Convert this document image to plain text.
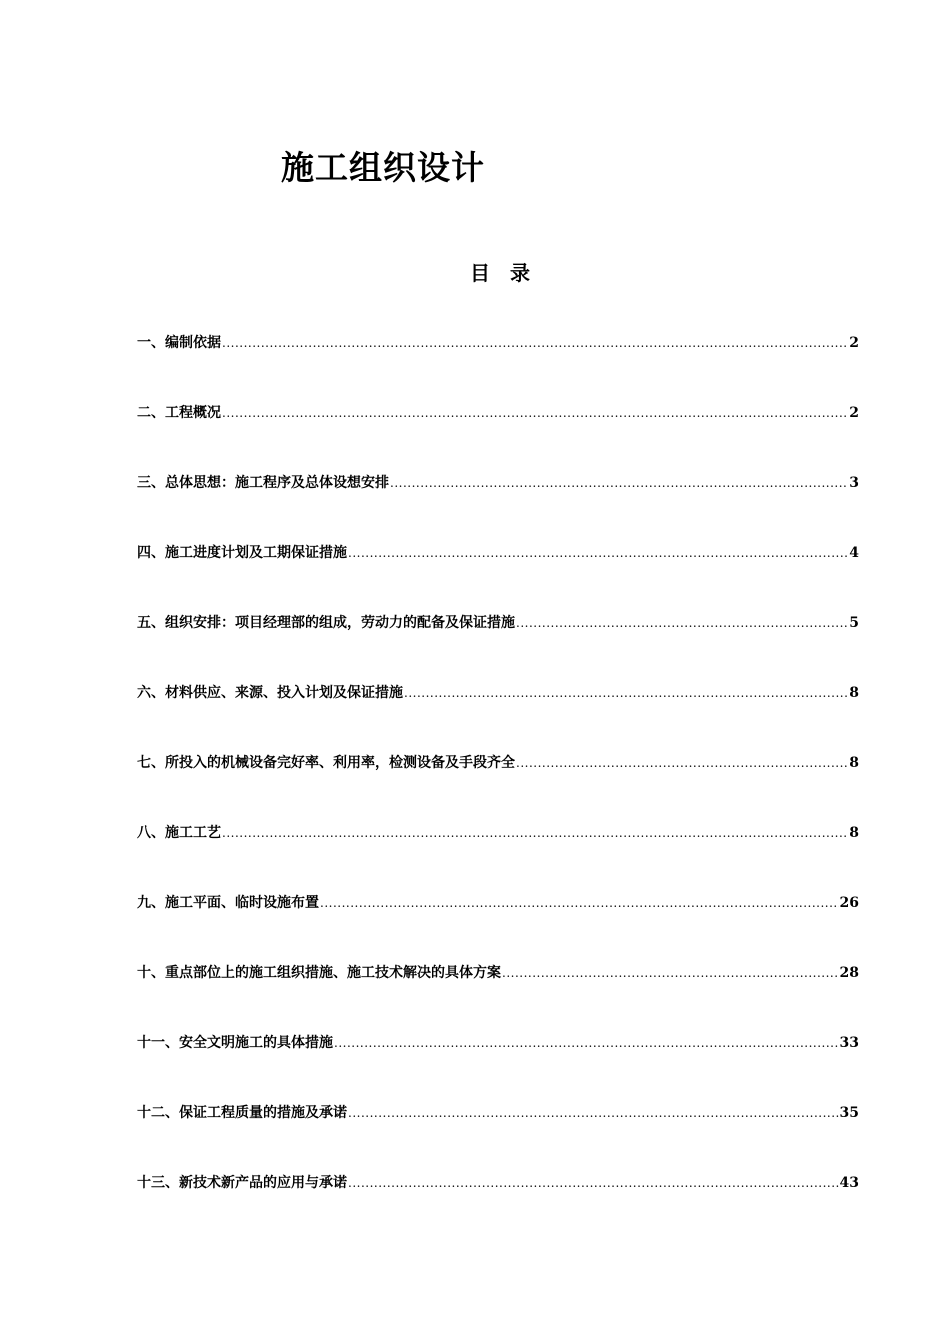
施工组织设计
目 录
一、编制依据 .....	2
二、工程概况 .....	2
三、总体思想：施工程序及总体设想安排 .....	3
四、施工进度计划及工期保证措施 .....	4
五、组织安排：项目经理部的组成，劳动力的配备及保证措施 .....	5
六、材料供应、来源、投入计划及保证措施 .....	8
七、所投入的机械设备完好率、利用率，检测设备及手段齐全 .....	8
八、施工工艺 .....	8
九、施工平面、临时设施布置 .....	26
十、重点部位上的施工组织措施、施工技术解决的具体方案 .....	28
十一、安全文明施工的具体措施 .....	33
十二、保证工程质量的措施及承诺 .....	35
十三、新技术新产品的应用与承诺 .....	43
